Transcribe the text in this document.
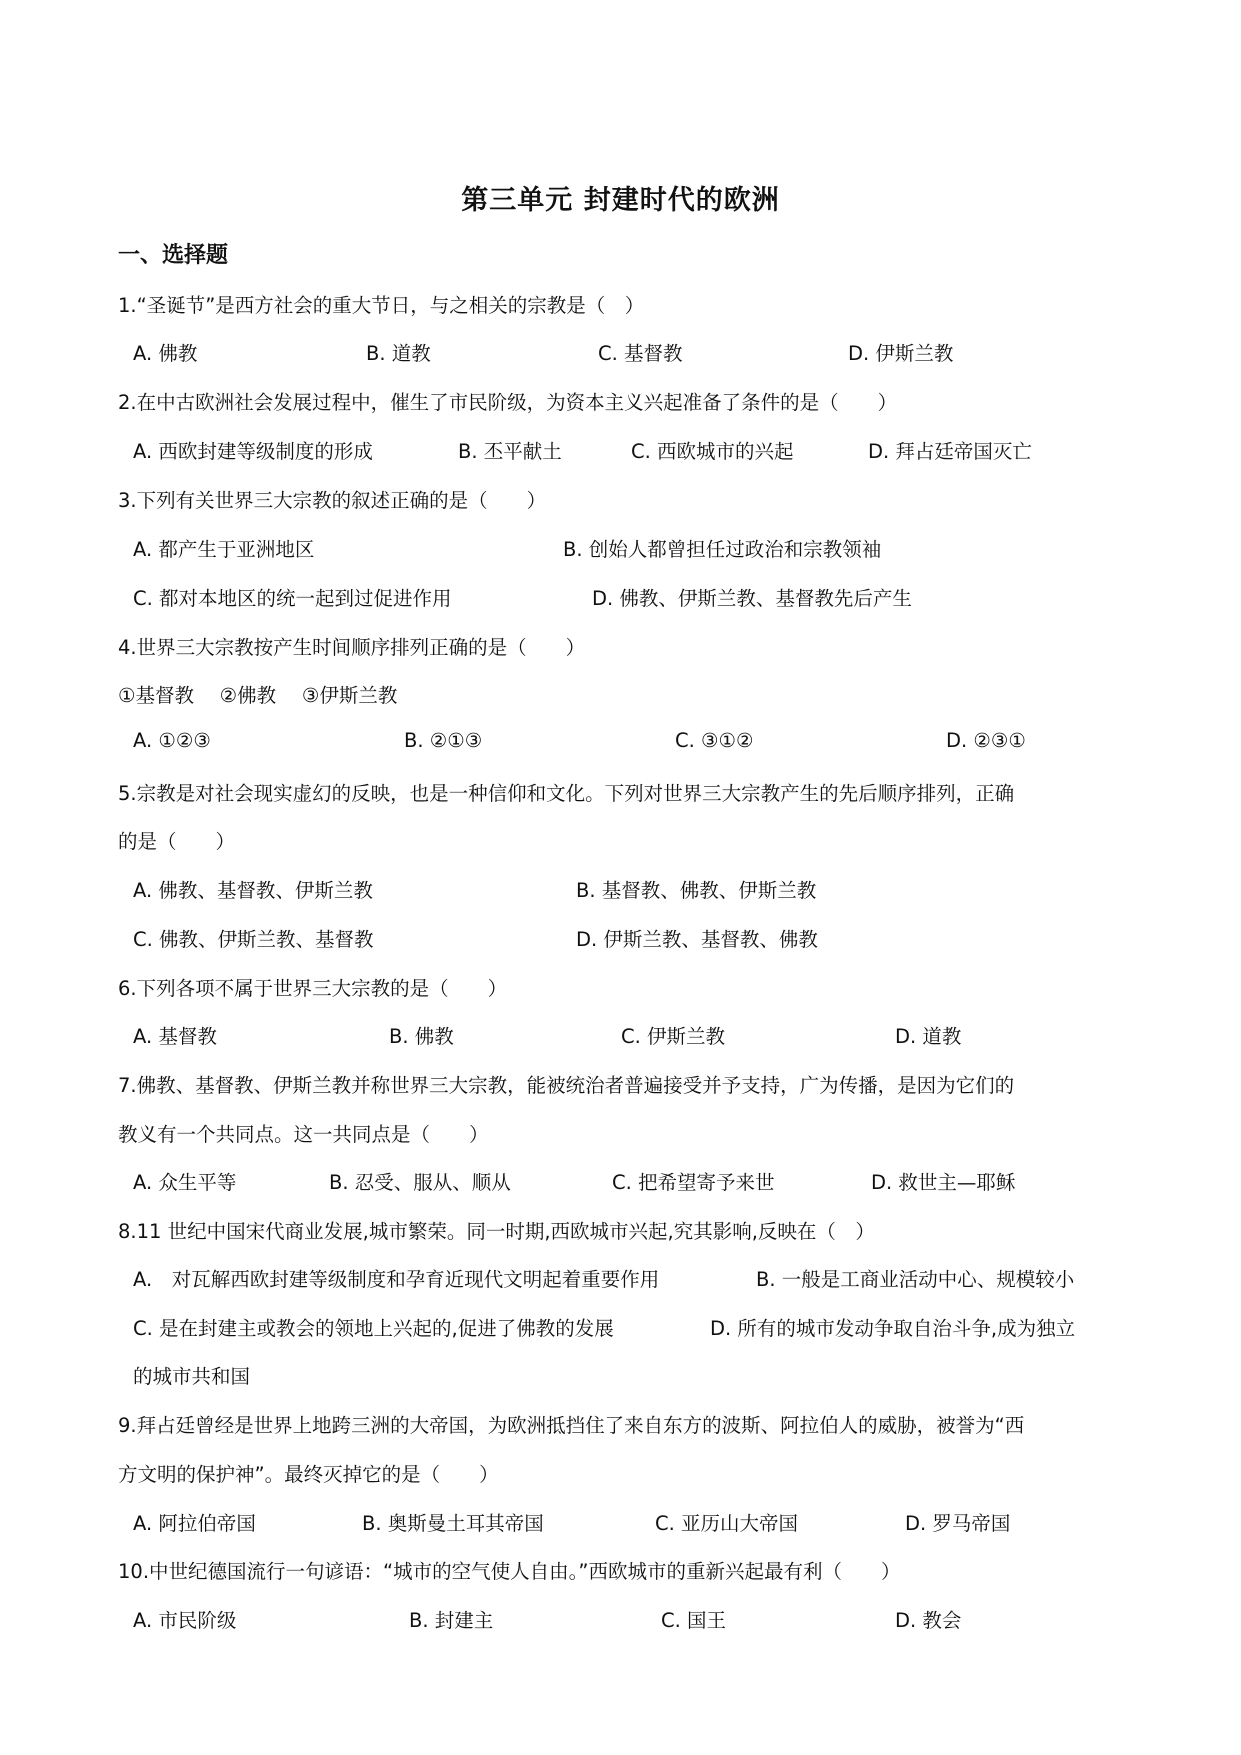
第三单元 封建时代的欧洲
一、选择题
1.“圣诞节”是西方社会的重大节日，与之相关的宗教是（　）
A. 佛教	B. 道教	C. 基督教	D. 伊斯兰教
2.在中古欧洲社会发展过程中，催生了市民阶级，为资本主义兴起准备了条件的是（　　）
A. 西欧封建等级制度的形成	B. 丕平献土	C. 西欧城市的兴起	D. 拜占廷帝国灭亡
3.下列有关世界三大宗教的叙述正确的是（　　）
A. 都产生于亚洲地区	B. 创始人都曾担任过政治和宗教领袖
C. 都对本地区的统一起到过促进作用	D. 佛教、伊斯兰教、基督教先后产生
4.世界三大宗教按产生时间顺序排列正确的是（　　）
①基督教　 ②佛教　 ③伊斯兰教
A. ①②③	B. ②①③	C. ③①②	D. ②③①
5.宗教是对社会现实虚幻的反映，也是一种信仰和文化。下列对世界三大宗教产生的先后顺序排列，正确
的是（　　）
A. 佛教、基督教、伊斯兰教	B. 基督教、佛教、伊斯兰教
C. 佛教、伊斯兰教、基督教	D. 伊斯兰教、基督教、佛教
6.下列各项不属于世界三大宗教的是（　　）
A. 基督教	B. 佛教	C. 伊斯兰教	D. 道教
7.佛教、基督教、伊斯兰教并称世界三大宗教，能被统治者普遍接受并予支持，广为传播，是因为它们的
教义有一个共同点。这一共同点是（　　）
A. 众生平等	B. 忍受、服从、顺从	C. 把希望寄予来世	D. 救世主—耶稣
8.11 世纪中国宋代商业发展,城市繁荣。同一时期,西欧城市兴起,究其影响,反映在（　）
A.　对瓦解西欧封建等级制度和孕育近现代文明起着重要作用	B. 一般是工商业活动中心、规模较小
C. 是在封建主或教会的领地上兴起的,促进了佛教的发展	D. 所有的城市发动争取自治斗争,成为独立
的城市共和国
9.拜占廷曾经是世界上地跨三洲的大帝国，为欧洲抵挡住了来自东方的波斯、阿拉伯人的威胁，被誉为“西
方文明的保护神”。最终灭掉它的是（　　）
A. 阿拉伯帝国	B. 奥斯曼土耳其帝国	C. 亚历山大帝国	D. 罗马帝国
10.中世纪德国流行一句谚语：“城市的空气使人自由。”西欧城市的重新兴起最有利（　　）
A. 市民阶级	B. 封建主	C. 国王	D. 教会
